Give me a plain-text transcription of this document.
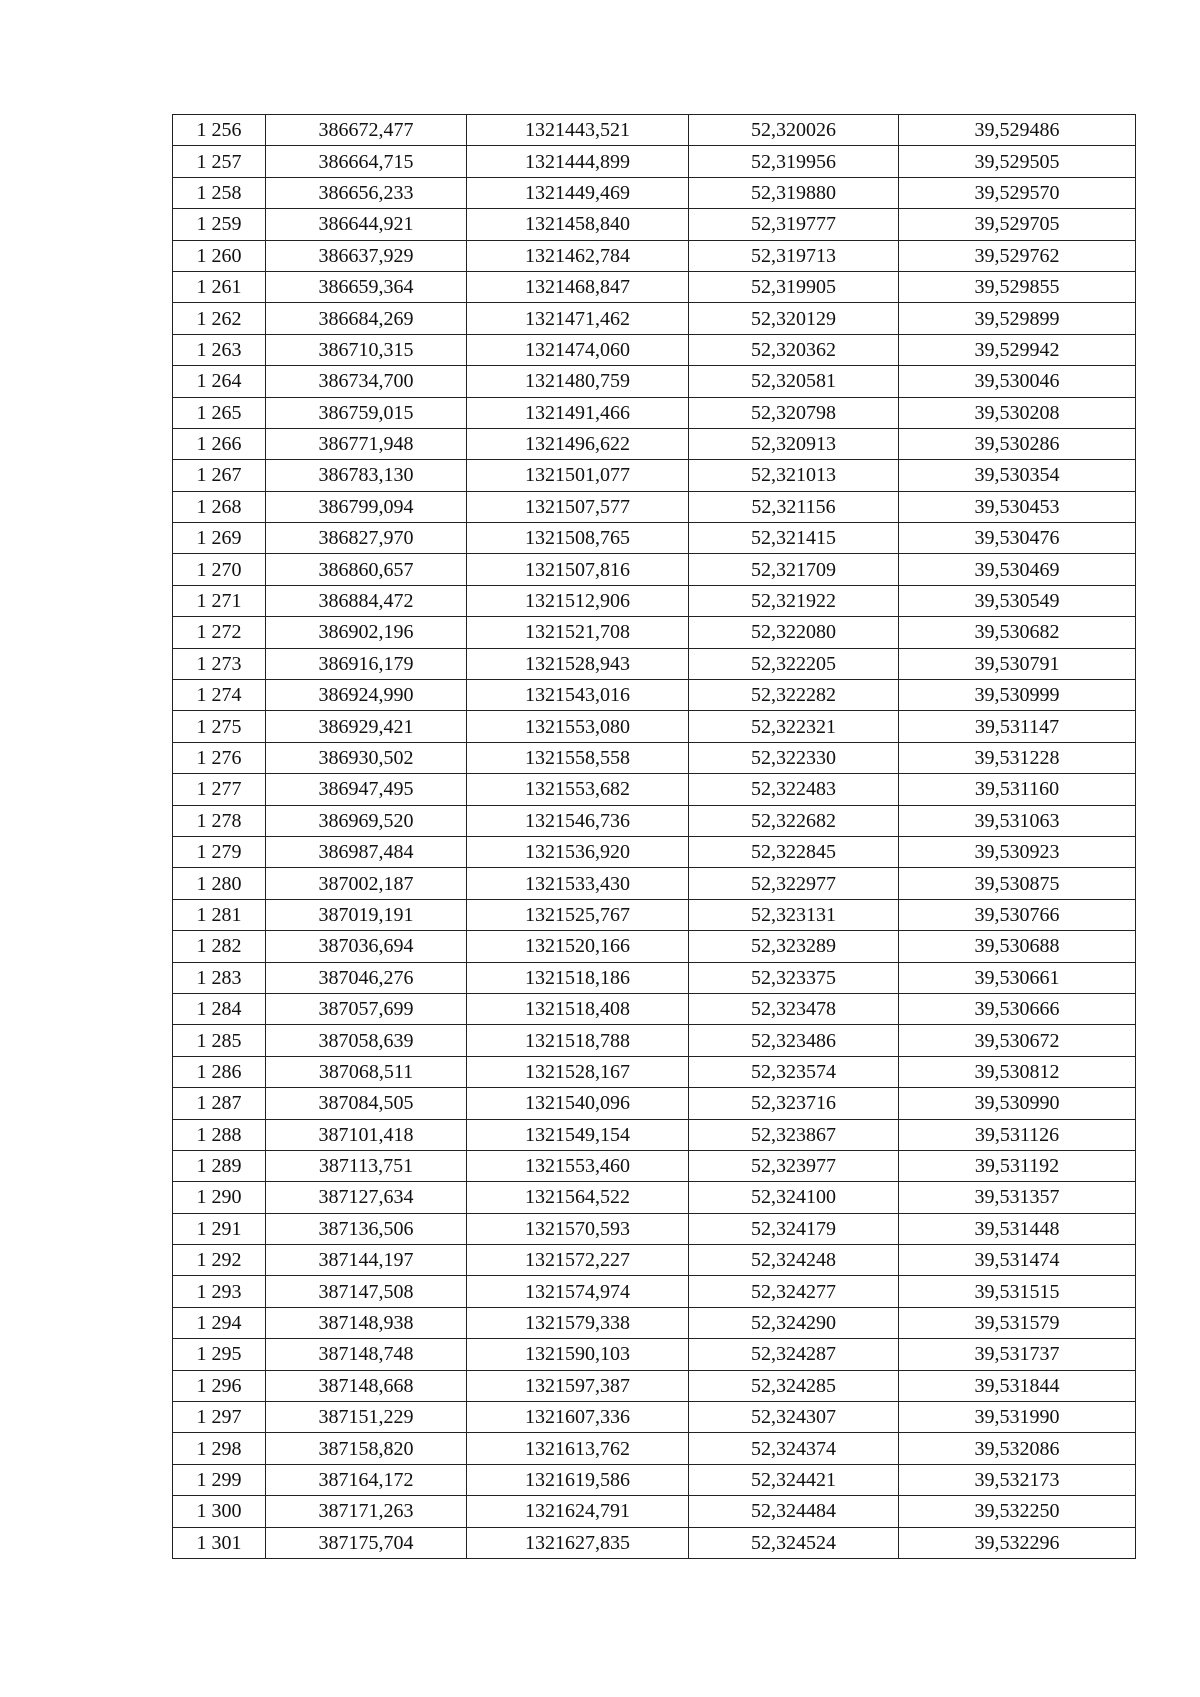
1 256	386672,477	1321443,521	52,320026	39,529486
1 257	386664,715	1321444,899	52,319956	39,529505
1 258	386656,233	1321449,469	52,319880	39,529570
1 259	386644,921	1321458,840	52,319777	39,529705
1 260	386637,929	1321462,784	52,319713	39,529762
1 261	386659,364	1321468,847	52,319905	39,529855
1 262	386684,269	1321471,462	52,320129	39,529899
1 263	386710,315	1321474,060	52,320362	39,529942
1 264	386734,700	1321480,759	52,320581	39,530046
1 265	386759,015	1321491,466	52,320798	39,530208
1 266	386771,948	1321496,622	52,320913	39,530286
1 267	386783,130	1321501,077	52,321013	39,530354
1 268	386799,094	1321507,577	52,321156	39,530453
1 269	386827,970	1321508,765	52,321415	39,530476
1 270	386860,657	1321507,816	52,321709	39,530469
1 271	386884,472	1321512,906	52,321922	39,530549
1 272	386902,196	1321521,708	52,322080	39,530682
1 273	386916,179	1321528,943	52,322205	39,530791
1 274	386924,990	1321543,016	52,322282	39,530999
1 275	386929,421	1321553,080	52,322321	39,531147
1 276	386930,502	1321558,558	52,322330	39,531228
1 277	386947,495	1321553,682	52,322483	39,531160
1 278	386969,520	1321546,736	52,322682	39,531063
1 279	386987,484	1321536,920	52,322845	39,530923
1 280	387002,187	1321533,430	52,322977	39,530875
1 281	387019,191	1321525,767	52,323131	39,530766
1 282	387036,694	1321520,166	52,323289	39,530688
1 283	387046,276	1321518,186	52,323375	39,530661
1 284	387057,699	1321518,408	52,323478	39,530666
1 285	387058,639	1321518,788	52,323486	39,530672
1 286	387068,511	1321528,167	52,323574	39,530812
1 287	387084,505	1321540,096	52,323716	39,530990
1 288	387101,418	1321549,154	52,323867	39,531126
1 289	387113,751	1321553,460	52,323977	39,531192
1 290	387127,634	1321564,522	52,324100	39,531357
1 291	387136,506	1321570,593	52,324179	39,531448
1 292	387144,197	1321572,227	52,324248	39,531474
1 293	387147,508	1321574,974	52,324277	39,531515
1 294	387148,938	1321579,338	52,324290	39,531579
1 295	387148,748	1321590,103	52,324287	39,531737
1 296	387148,668	1321597,387	52,324285	39,531844
1 297	387151,229	1321607,336	52,324307	39,531990
1 298	387158,820	1321613,762	52,324374	39,532086
1 299	387164,172	1321619,586	52,324421	39,532173
1 300	387171,263	1321624,791	52,324484	39,532250
1 301	387175,704	1321627,835	52,324524	39,532296
